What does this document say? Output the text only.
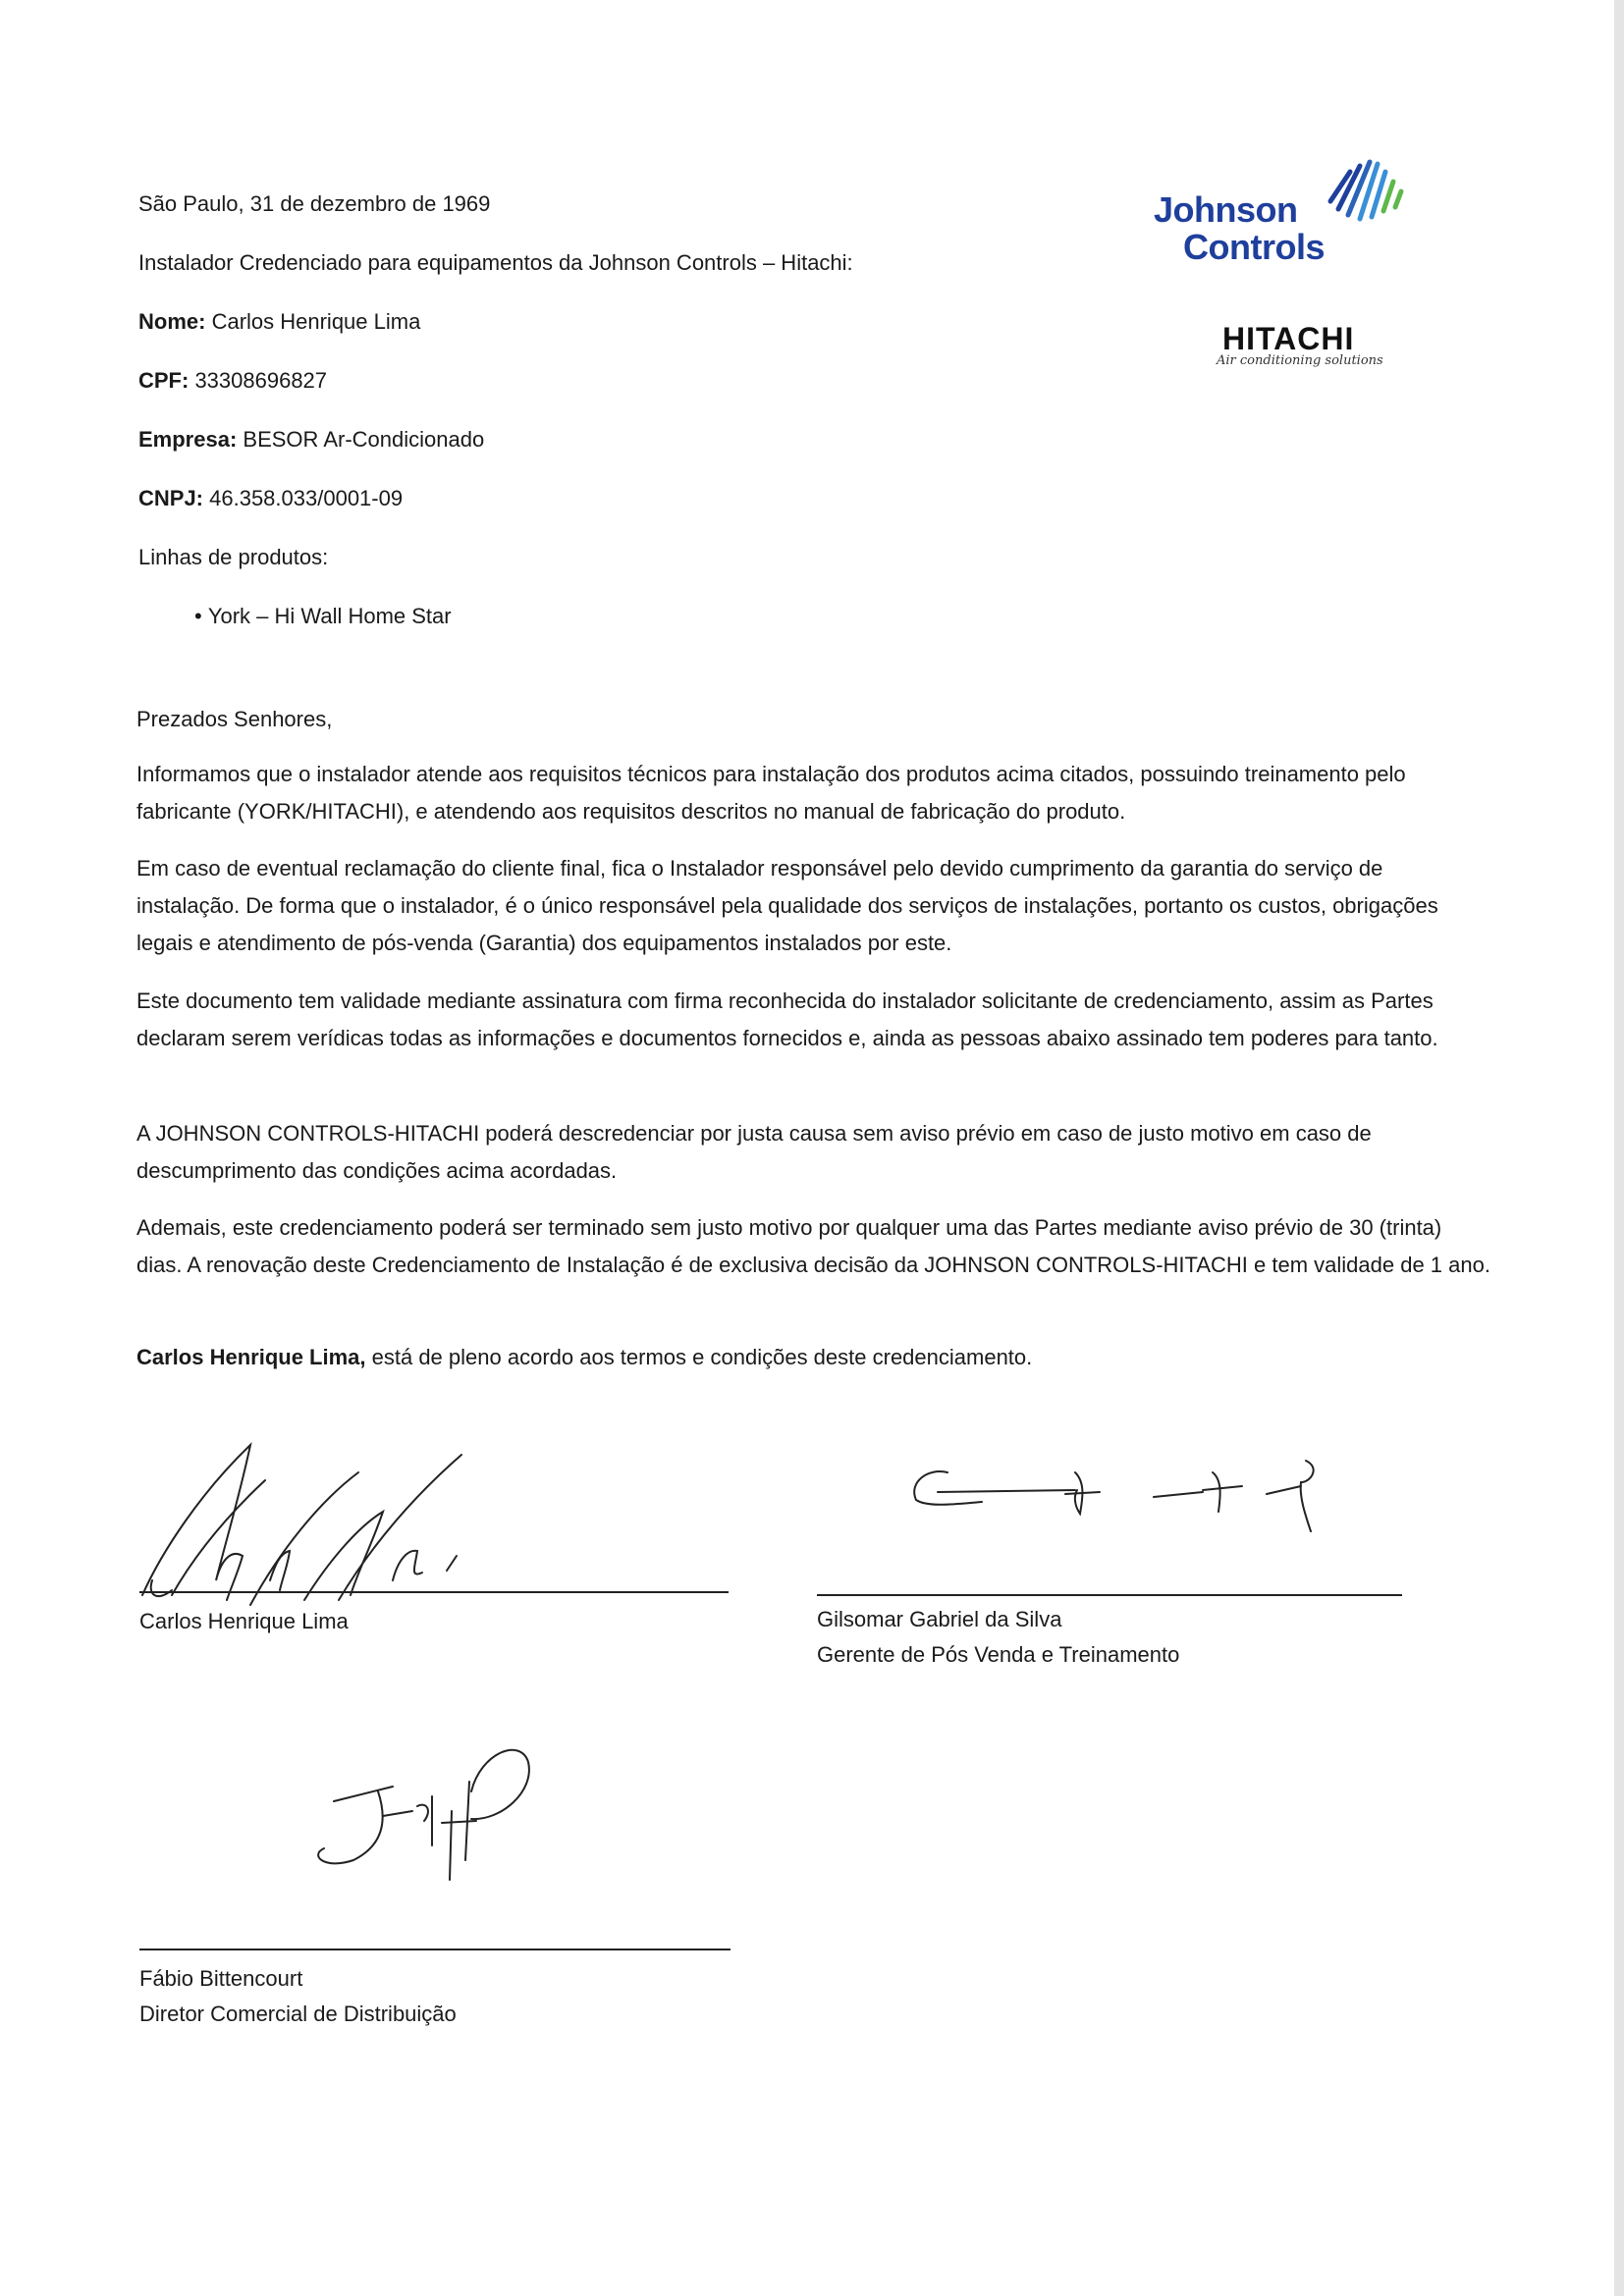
Johnson
Controls
HITACHI
Air conditioning solutions
São Paulo, 31 de dezembro de 1969
Instalador Credenciado para equipamentos da Johnson Controls – Hitachi:
Nome: Carlos Henrique Lima
CPF: 33308696827
Empresa: BESOR Ar-Condicionado
CNPJ: 46.358.033/0001-09
Linhas de produtos:
• York – Hi Wall Home Star
Prezados Senhores,

Informamos que o instalador atende aos requisitos técnicos para instalação dos produtos acima citados, possuindo treinamento pelo fabricante (YORK/HITACHI), e atendendo aos requisitos descritos no manual de fabricação do produto.

Em caso de eventual reclamação do cliente final, fica o Instalador responsável pelo devido cumprimento da garantia do serviço de instalação. De forma que o instalador, é o único responsável pela qualidade dos serviços de instalações, portanto os custos, obrigações legais e atendimento de pós-venda (Garantia) dos equipamentos instalados por este.

Este documento tem validade mediante assinatura com firma reconhecida do instalador solicitante de credenciamento, assim as Partes declaram serem verídicas todas as informações e documentos fornecidos e, ainda as pessoas abaixo assinado tem poderes para tanto.

A JOHNSON CONTROLS-HITACHI poderá descredenciar por justa causa sem aviso prévio em caso de justo motivo em caso de descumprimento das condições acima acordadas.

Ademais, este credenciamento poderá ser terminado sem justo motivo por qualquer uma das Partes mediante aviso prévio de 30 (trinta) dias. A renovação deste Credenciamento de Instalação é de exclusiva decisão da JOHNSON CONTROLS-HITACHI e tem validade de 1 ano.

Carlos Henrique Lima, está de pleno acordo aos termos e condições deste credenciamento.
Carlos Henrique Lima	Gilsomar Gabriel da Silva
Gerente de Pós Venda e Treinamento
Fábio Bittencourt
Diretor Comercial de Distribuição
